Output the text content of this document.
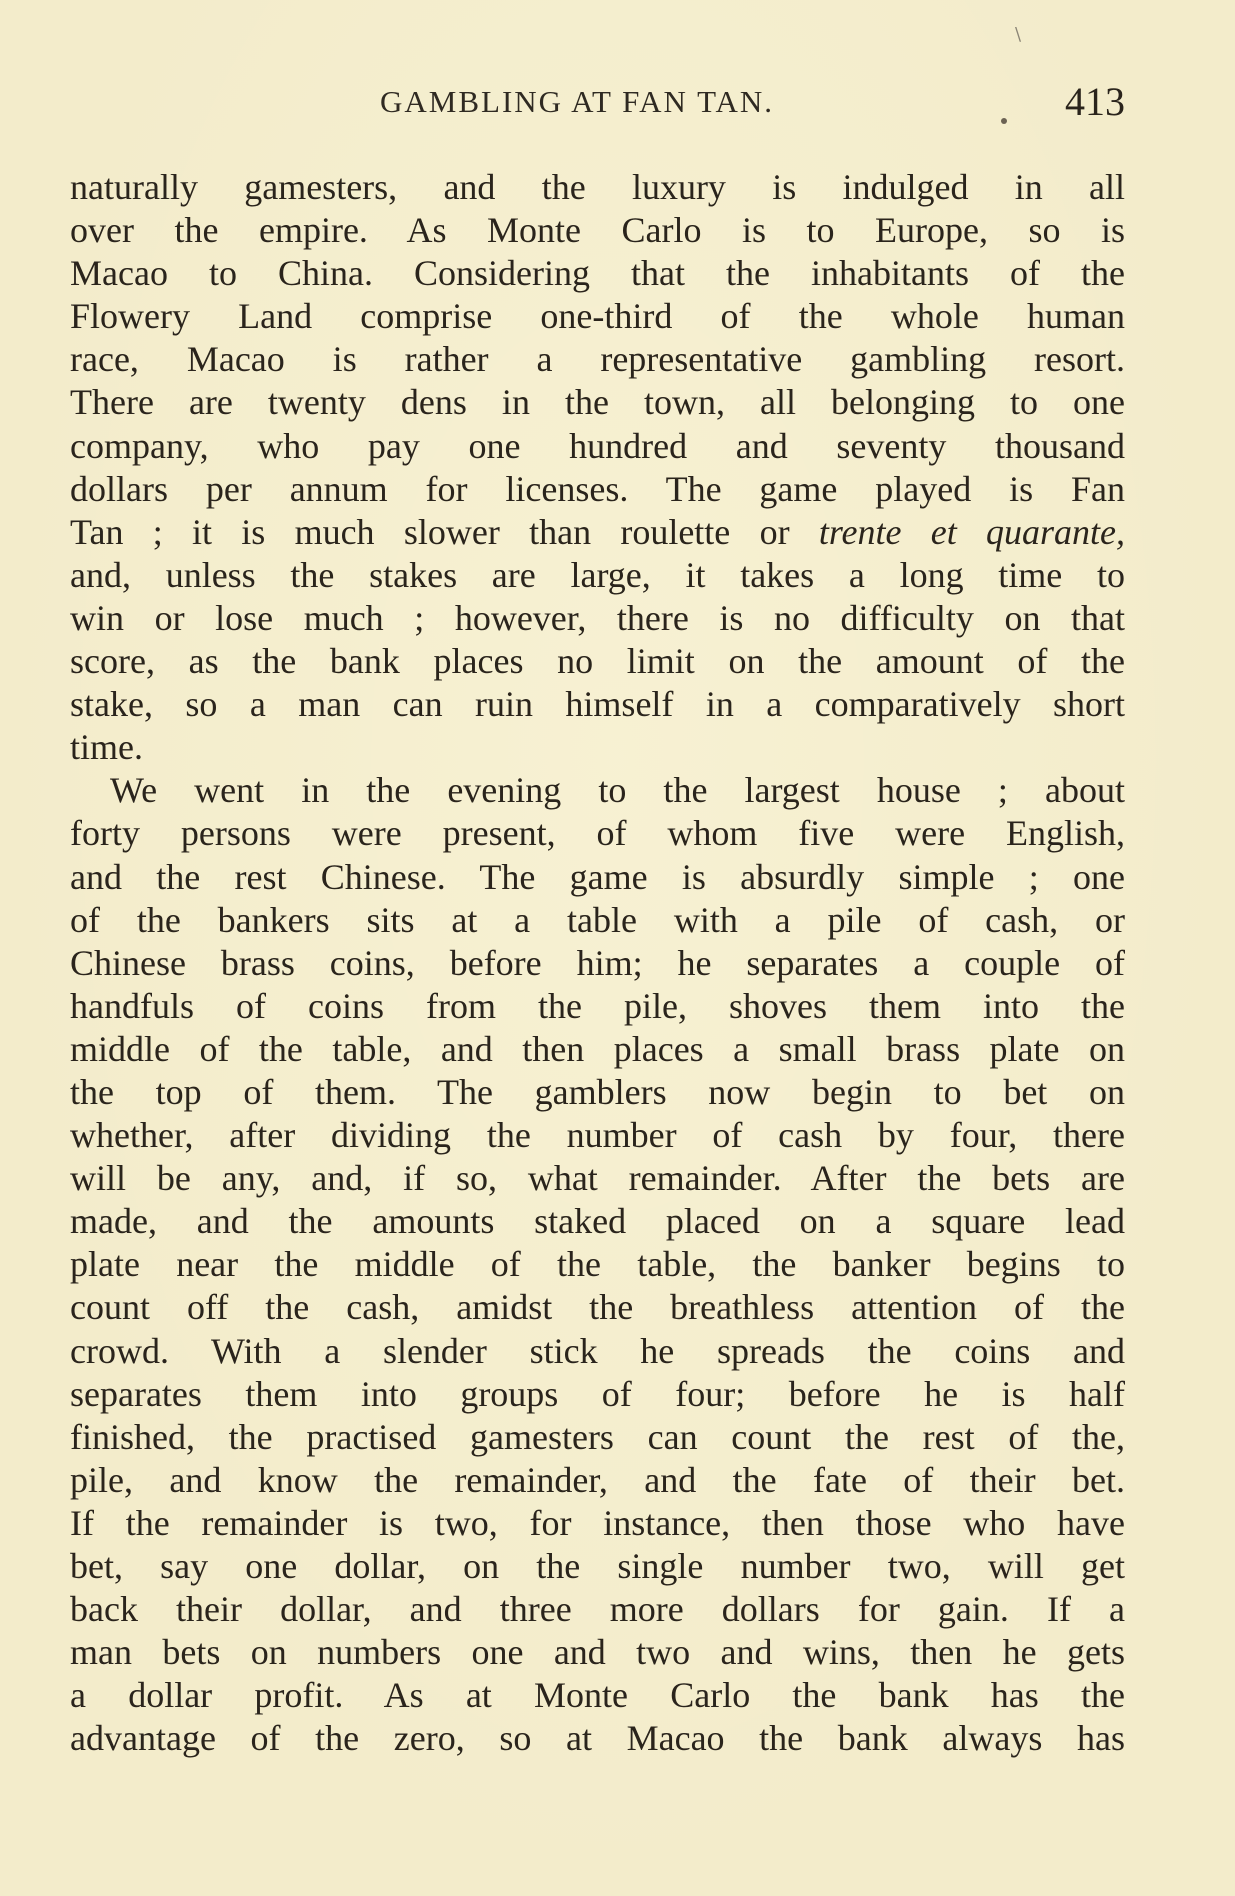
\
GAMBLING AT FAN TAN.	413
naturally gamesters, and the luxury is indulged in all
over the empire. As Monte Carlo is to Europe, so is
Macao to China. Considering that the inhabitants of the
Flowery Land comprise one-third of the whole human
race, Macao is rather a representative gambling resort.
There are twenty dens in the town, all belonging to one
company, who pay one hundred and seventy thousand
dollars per annum for licenses. The game played is Fan
Tan ; it is much slower than roulette or trente et quarante,
and, unless the stakes are large, it takes a long time to
win or lose much ; however, there is no difficulty on that
score, as the bank places no limit on the amount of the
stake, so a man can ruin himself in a comparatively short
time.
We went in the evening to the largest house ; about
forty persons were present, of whom five were English,
and the rest Chinese. The game is absurdly simple ; one
of the bankers sits at a table with a pile of cash, or
Chinese brass coins, before him; he separates a couple of
handfuls of coins from the pile, shoves them into the
middle of the table, and then places a small brass plate on
the top of them. The gamblers now begin to bet on
whether, after dividing the number of cash by four, there
will be any, and, if so, what remainder. After the bets are
made, and the amounts staked placed on a square lead
plate near the middle of the table, the banker begins to
count off the cash, amidst the breathless attention of the
crowd. With a slender stick he spreads the coins and
separates them into groups of four; before he is half
finished, the practised gamesters can count the rest of the,
pile, and know the remainder, and the fate of their bet.
If the remainder is two, for instance, then those who have
bet, say one dollar, on the single number two, will get
back their dollar, and three more dollars for gain. If a
man bets on numbers one and two and wins, then he gets
a dollar profit. As at Monte Carlo the bank has the
advantage of the zero, so at Macao the bank always has
